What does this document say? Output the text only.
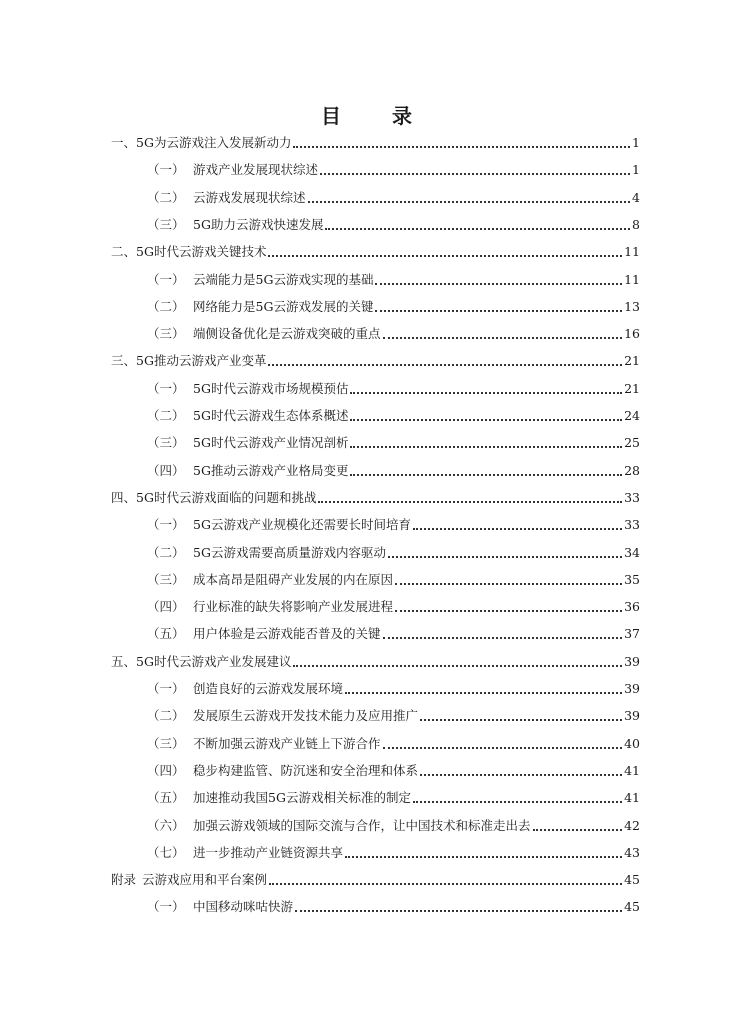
目 录
一、 5G为云游戏注入发展新动力	1
（一） 游戏产业发展现状综述	1
（二） 云游戏发展现状综述	4
（三） 5G助力云游戏快速发展	8
二、 5G时代云游戏关键技术	11
（一） 云端能力是5G云游戏实现的基础	11
（二） 网络能力是5G云游戏发展的关键	13
（三） 端侧设备优化是云游戏突破的重点	16
三、 5G推动云游戏产业变革	21
（一） 5G时代云游戏市场规模预估	21
（二） 5G时代云游戏生态体系概述	24
（三） 5G时代云游戏产业情况剖析	25
（四） 5G推动云游戏产业格局变更	28
四、 5G时代云游戏面临的问题和挑战	33
（一） 5G云游戏产业规模化还需要长时间培育	33
（二） 5G云游戏需要高质量游戏内容驱动	34
（三） 成本高昂是阻碍产业发展的内在原因	35
（四） 行业标准的缺失将影响产业发展进程	36
（五） 用户体验是云游戏能否普及的关键	37
五、 5G时代云游戏产业发展建议	39
（一） 创造良好的云游戏发展环境	39
（二） 发展原生云游戏开发技术能力及应用推广	39
（三） 不断加强云游戏产业链上下游合作	40
（四） 稳步构建监管、防沉迷和安全治理和体系	41
（五） 加速推动我国5G云游戏相关标准的制定	41
（六） 加强云游戏领域的国际交流与合作，让中国技术和标准走出去	42
（七） 进一步推动产业链资源共享	43
附录 云游戏应用和平台案例	45
（一） 中国移动咪咕快游	45
